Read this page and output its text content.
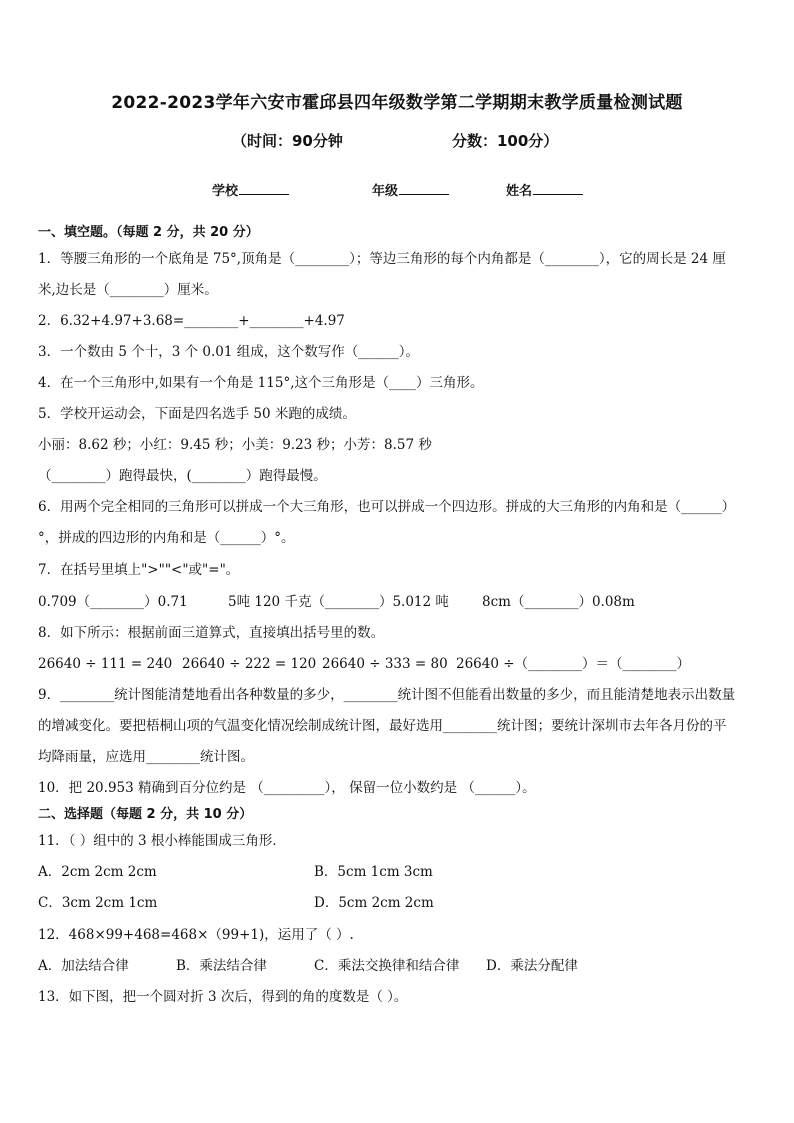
2022-2023学年六安市霍邱县四年级数学第二学期期末教学质量检测试题
（时间：90分钟	分数：100分）
学校	年级	姓名
一、填空题。（每题 2 分，共 20 分）
1．等腰三角形的一个底角是 75°,顶角是（________）；等边三角形的每个内角都是（________），它的周长是 24 厘
米,边长是（________）厘米。
2．6.32+4.97+3.68=________+________+4.97
3．一个数由 5 个十，3 个 0.01 组成，这个数写作（______）。
4．在一个三角形中,如果有一个角是 115°,这个三角形是（____）三角形。
5．学校开运动会，下面是四名选手 50 米跑的成绩。
小丽：8.62 秒；小红：9.45 秒；小美：9.23 秒；小芳：8.57 秒
（________）跑得最快，(________）跑得最慢。
6．用两个完全相同的三角形可以拼成一个大三角形，也可以拼成一个四边形。拼成的大三角形的内角和是（______）
°，拼成的四边形的内角和是（______）°。
7．在括号里填上">""<"或"="。
0.709（________）0.71	5吨 120 千克（________）5.012 吨 8cm（________）0.08m
8．如下所示：根据前面三道算式，直接填出括号里的数。
26640 ÷ 111 = 240 26640 ÷ 222 = 120 26640 ÷ 333 = 80 26640 ÷（________）＝（________）
9．________统计图能清楚地看出各种数量的多少，________统计图不但能看出数量的多少，而且能清楚地表示出数量
的增减变化。要把梧桐山项的气温变化情况绘制成统计图，最好选用________统计图；要统计深圳市去年各月份的平
均降雨量，应选用________统计图。
10．把 20.953 精确到百分位约是 （_________）， 保留一位小数约是 （______）。
二、选择题（每题 2 分，共 10 分）
11．（ ）组中的 3 根小棒能围成三角形．
A．2cm 2cm 2cm	B．5cm 1cm 3cm
C．3cm 2cm 1cm	D．5cm 2cm 2cm
12．468×99+468=468×（99+1)，运用了（ ）.
A．加法结合律	B．乘法结合律	C．乘法交换律和结合律 D．乘法分配律
13．如下图，把一个圆对折 3 次后，得到的角的度数是（ ）。
